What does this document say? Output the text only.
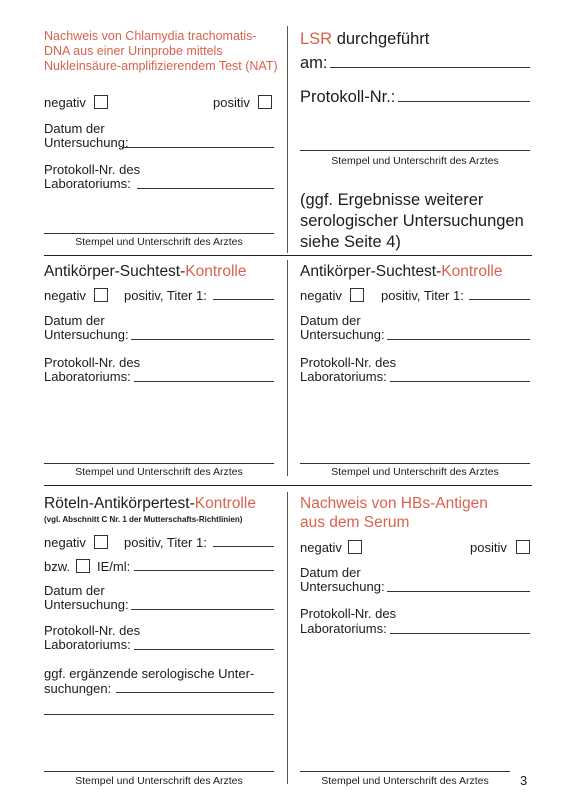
Nachweis von Chlamydia trachomatis-DNA aus einer Urinprobe mittels Nukleinsäure-amplifizierendem Test (NAT)
negativ	positiv
Datum der
Untersuchung:
Protokoll-Nr. des
Laboratoriums:
Stempel und Unterschrift des Arztes
LSR durchgeführt
am:
Protokoll-Nr.:
Stempel und Unterschrift des Arztes
(ggf. Ergebnisse weiterer serologischer Untersuchungen siehe Seite 4)
Antikörper-Suchtest-Kontrolle
negativ	positiv, Titer 1:
Datum der
Untersuchung:
Protokoll-Nr. des
Laboratoriums:
Stempel und Unterschrift des Arztes
Antikörper-Suchtest-Kontrolle
negativ	positiv, Titer 1:
Datum der
Untersuchung:
Protokoll-Nr. des
Laboratoriums:
Stempel und Unterschrift des Arztes
Röteln-Antikörpertest-Kontrolle
(vgl. Abschnitt C Nr. 1 der Mutterschafts-Richtlinien)
negativ	positiv, Titer 1:
bzw. IE/ml:
Datum der
Untersuchung:
Protokoll-Nr. des
Laboratoriums:
ggf. ergänzende serologische Unter-
suchungen:
Stempel und Unterschrift des Arztes
Nachweis von HBs-Antigen
aus dem Serum
negativ	positiv
Datum der
Untersuchung:
Protokoll-Nr. des
Laboratoriums:
Stempel und Unterschrift des Arztes	3
